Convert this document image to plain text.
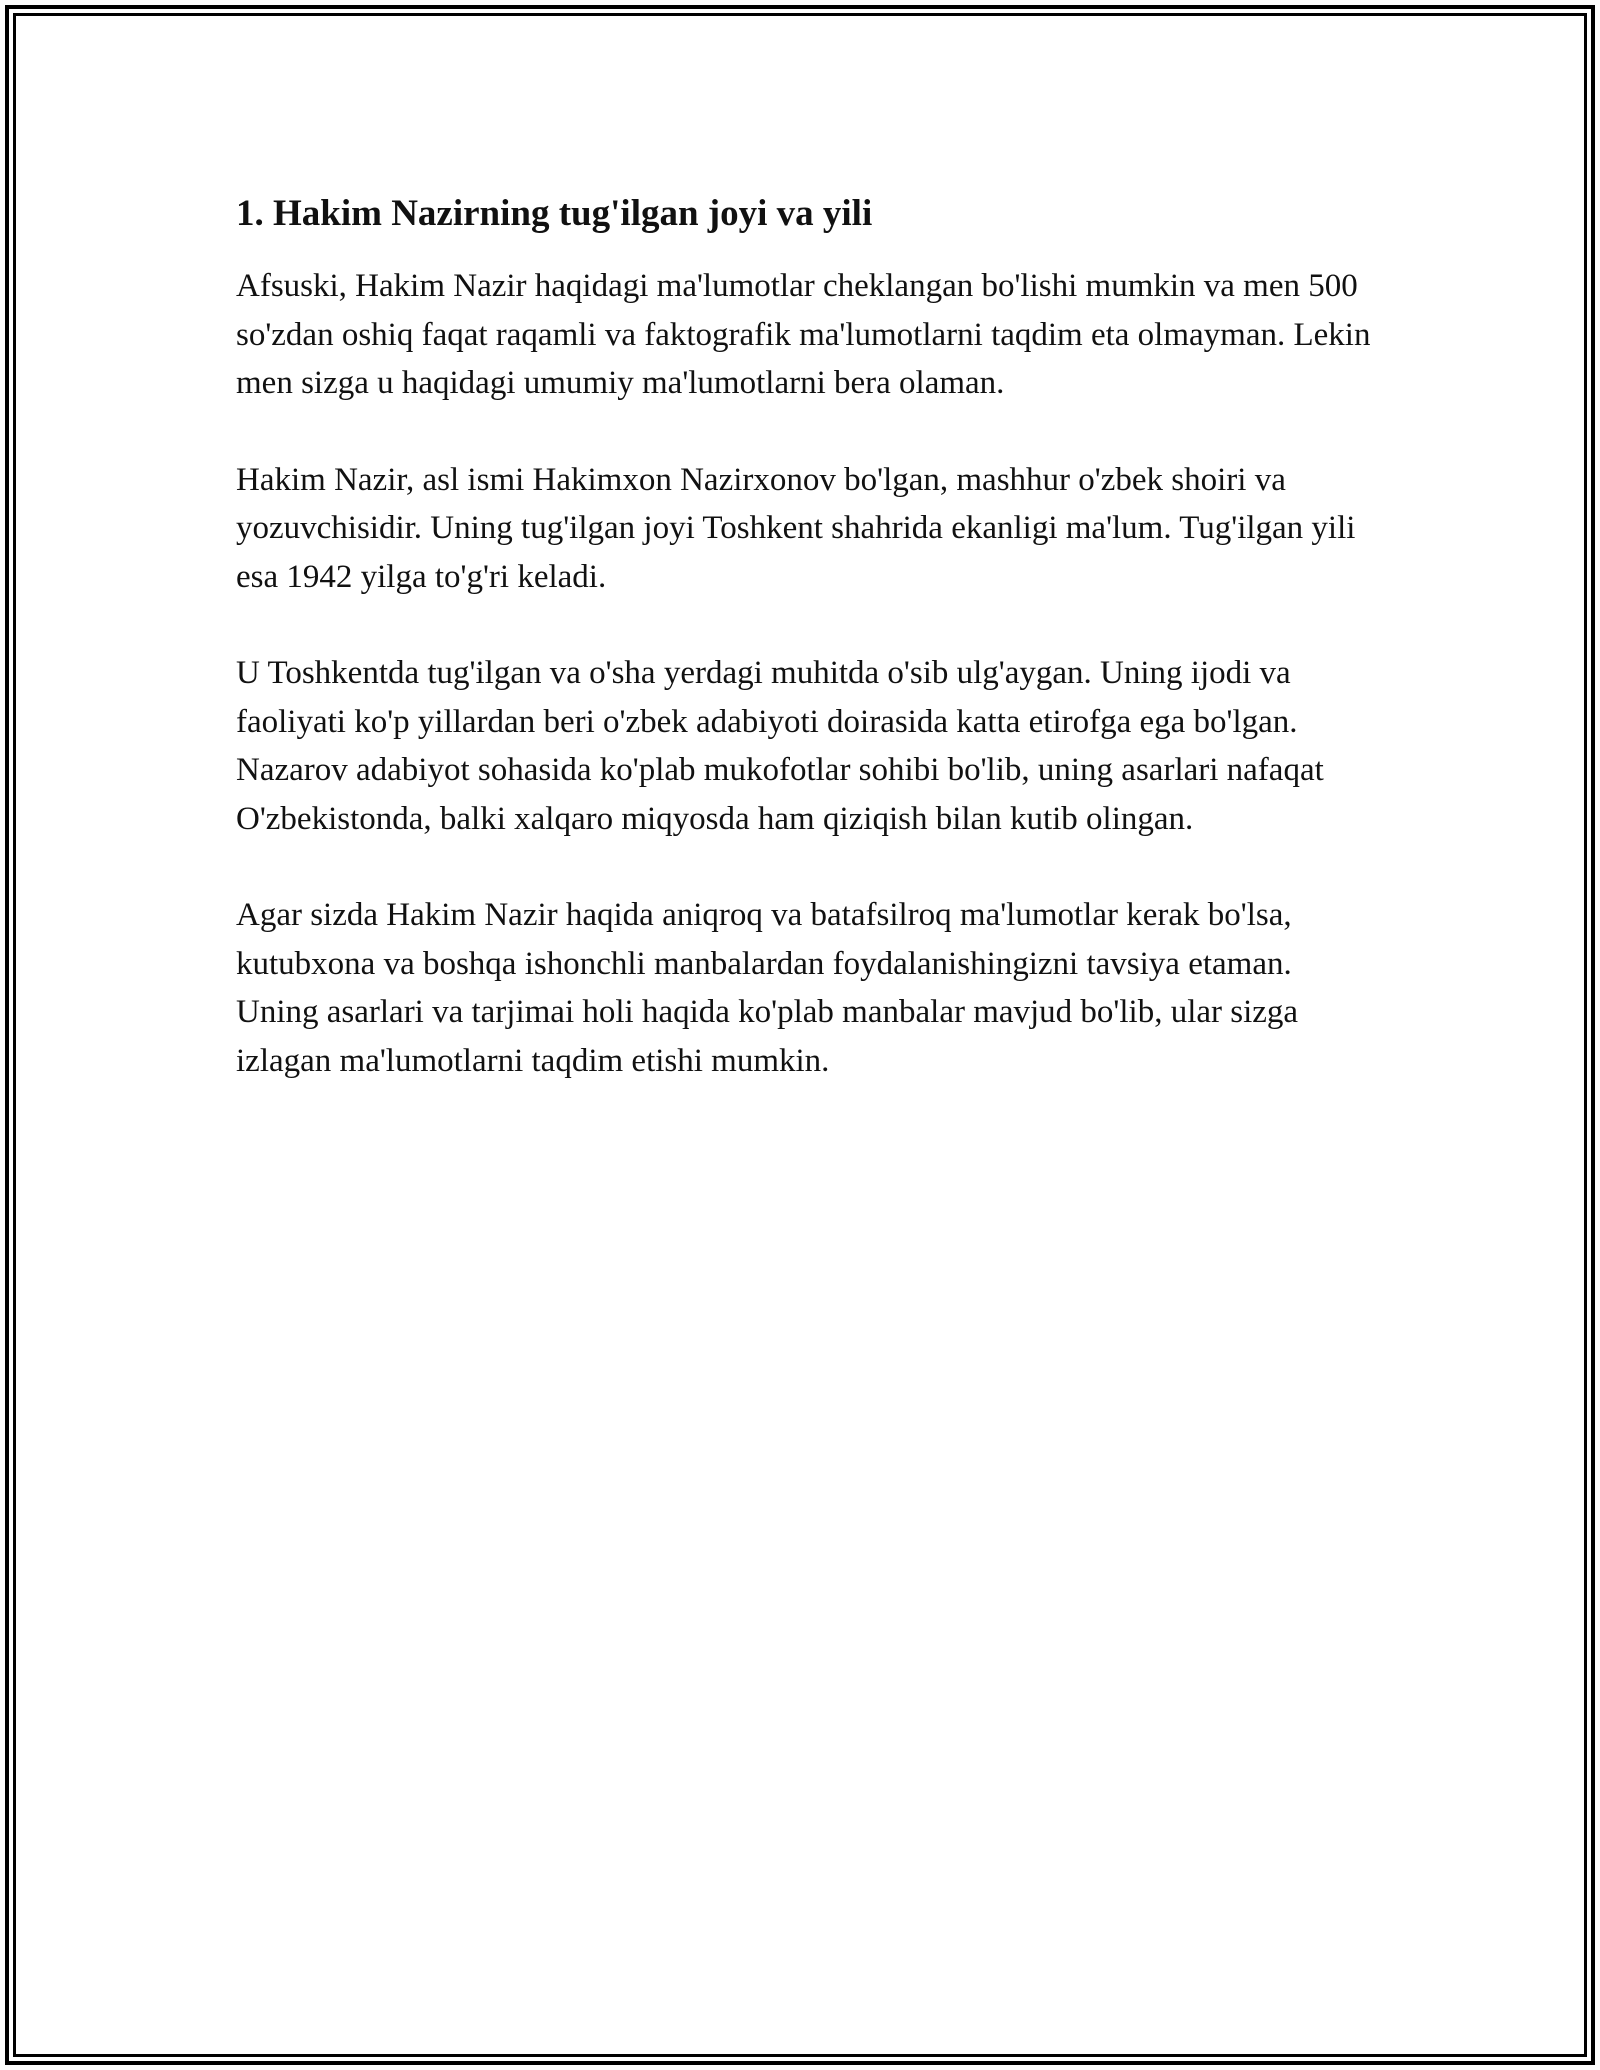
1. Hakim Nazirning tug'ilgan joyi va yili

Afsuski, Hakim Nazir haqidagi ma'lumotlar cheklangan bo'lishi mumkin va men 500 so'zdan oshiq faqat raqamli va faktografik ma'lumotlarni taqdim eta olmayman. Lekin men sizga u haqidagi umumiy ma'lumotlarni bera olaman.

Hakim Nazir, asl ismi Hakimxon Nazirxonov bo'lgan, mashhur o'zbek shoiri va yozuvchisidir. Uning tug'ilgan joyi Toshkent shahrida ekanligi ma'lum. Tug'ilgan yili esa 1942 yilga to'g'ri keladi.

U Toshkentda tug'ilgan va o'sha yerdagi muhitda o'sib ulg'aygan. Uning ijodi va faoliyati ko'p yillardan beri o'zbek adabiyoti doirasida katta etirofga ega bo'lgan. Nazarov adabiyot sohasida ko'plab mukofotlar sohibi bo'lib, uning asarlari nafaqat O'zbekistonda, balki xalqaro miqyosda ham qiziqish bilan kutib olingan.

Agar sizda Hakim Nazir haqida aniqroq va batafsilroq ma'lumotlar kerak bo'lsa, kutubxona va boshqa ishonchli manbalardan foydalanishingizni tavsiya etaman. Uning asarlari va tarjimai holi haqida ko'plab manbalar mavjud bo'lib, ular sizga izlagan ma'lumotlarni taqdim etishi mumkin.
